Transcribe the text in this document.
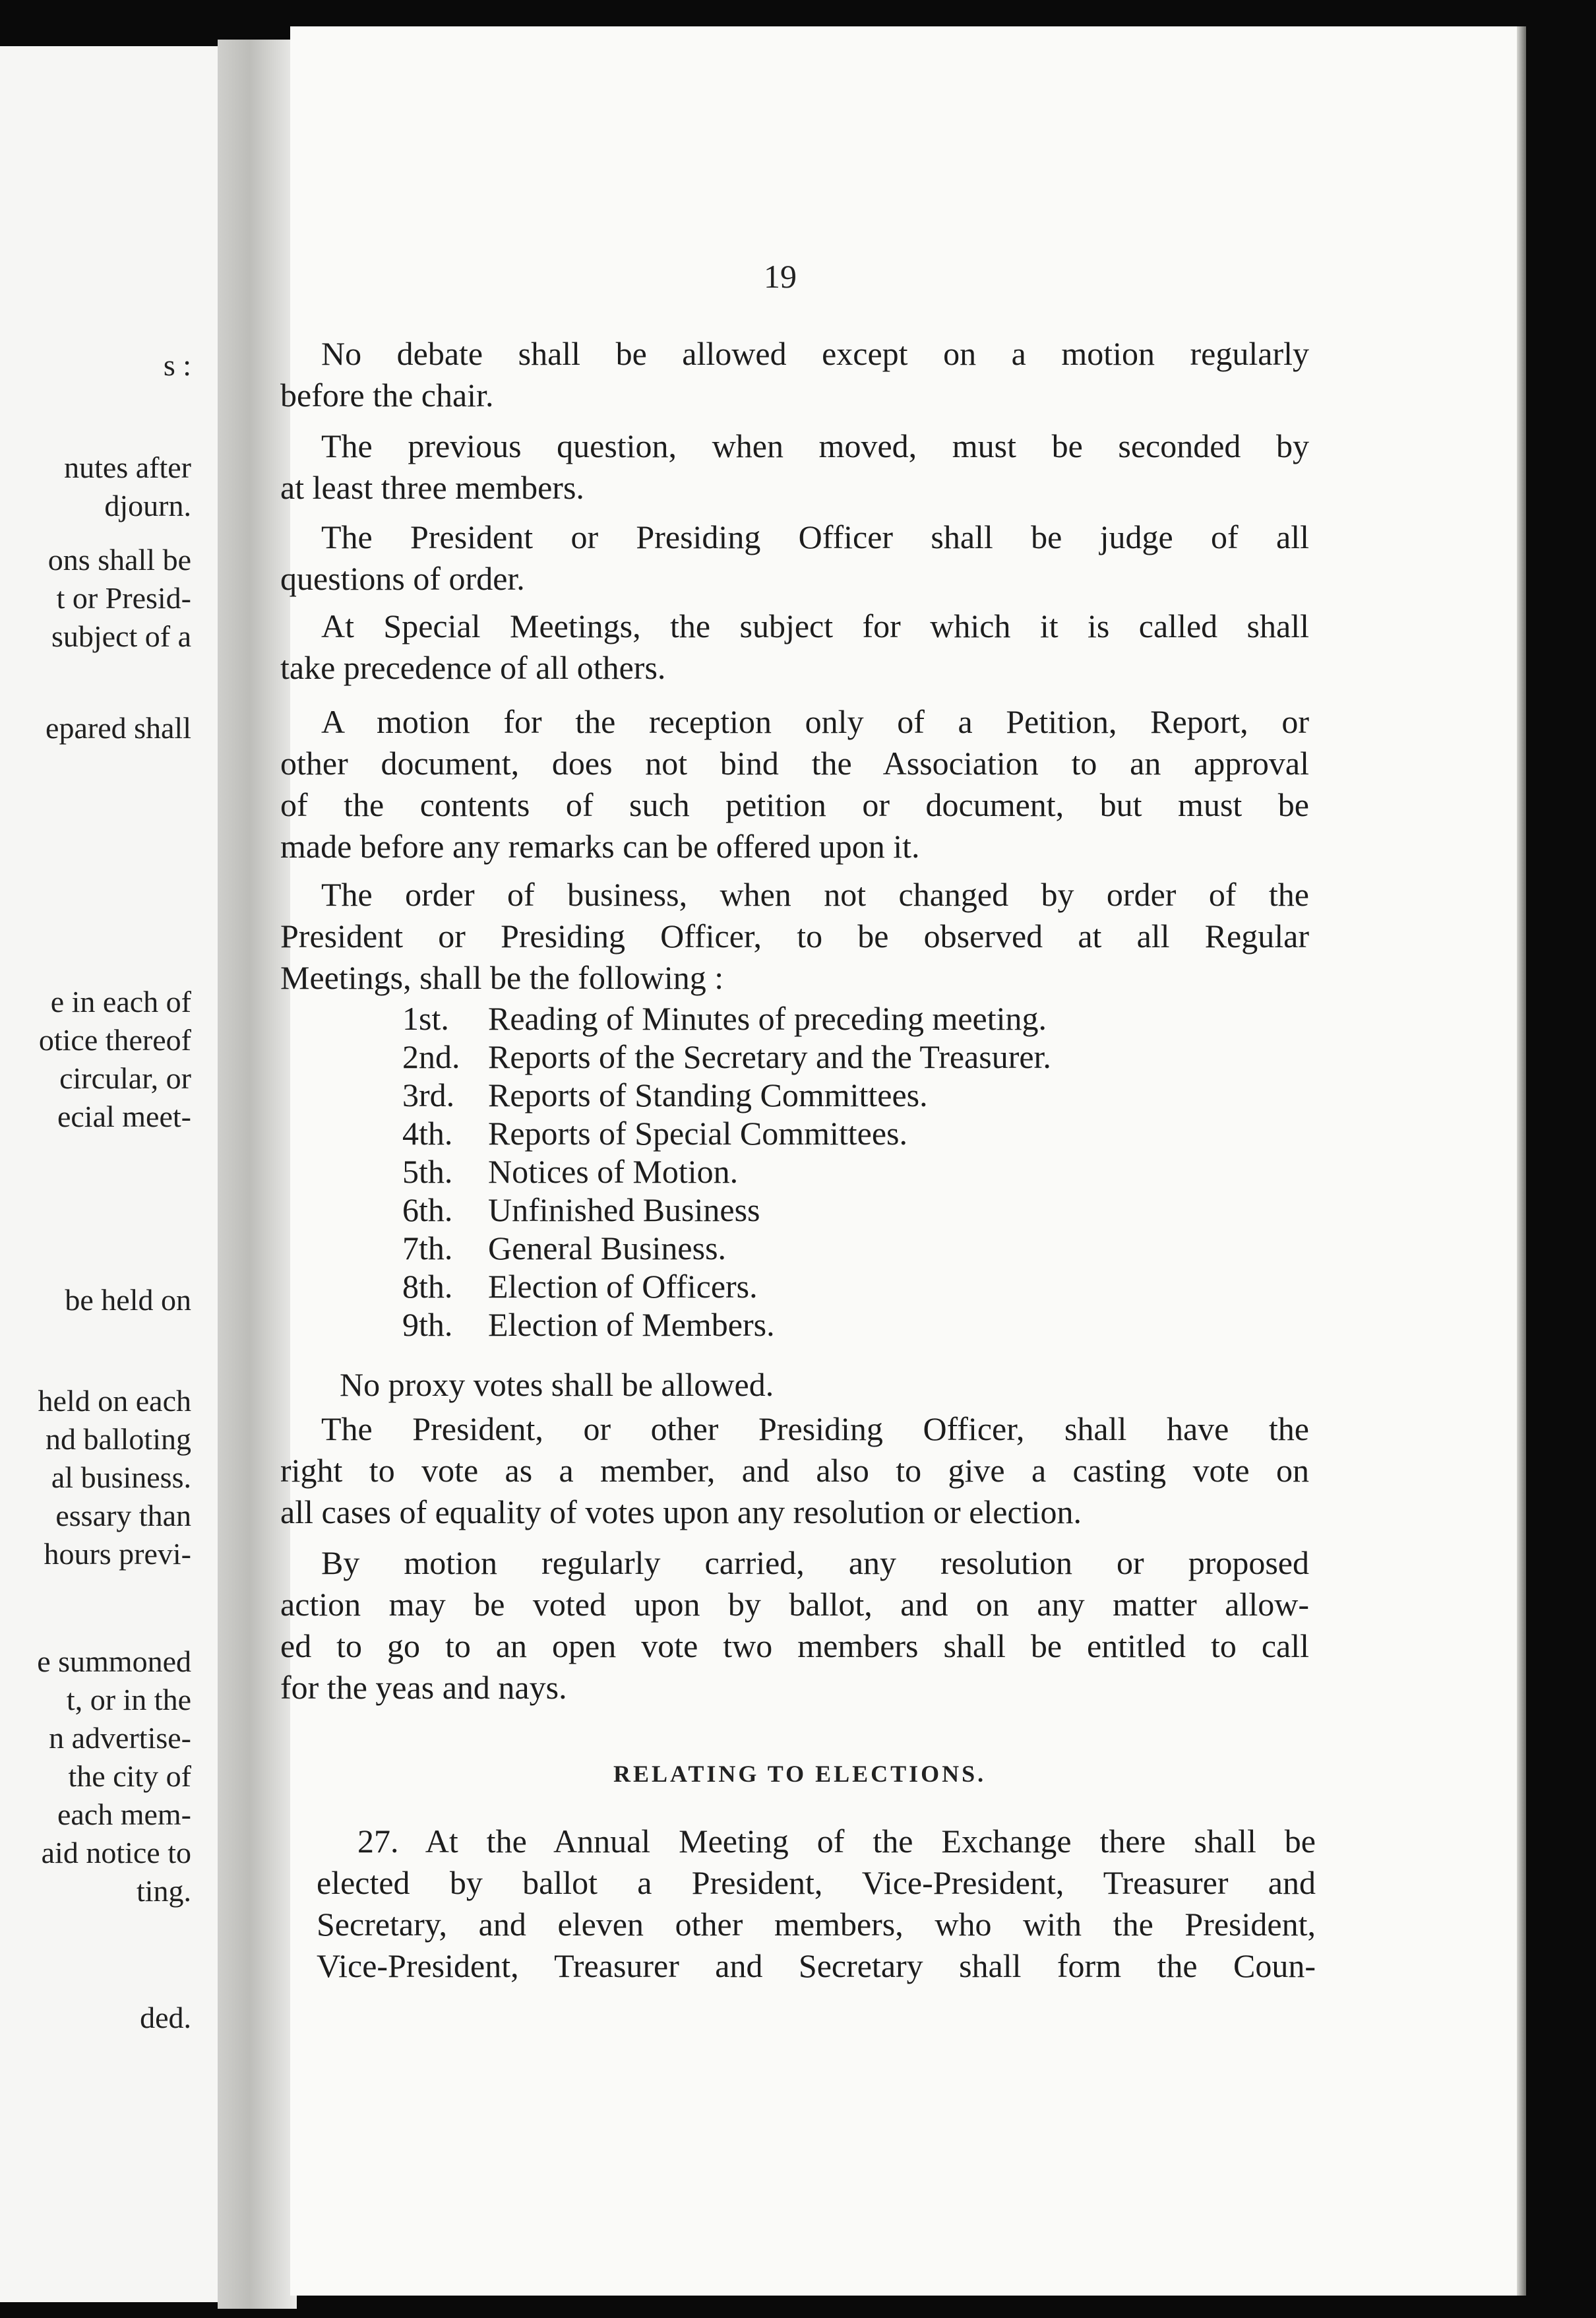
s :
nutes after
djourn.
ons shall be
t or Presid-
subject of a
epared shall
e in each of
otice thereof
circular, or
ecial meet-
be held on
held on each
nd balloting
al business.
essary than
hours previ-
e summoned
t, or in the
n advertise-
the city of
each mem-
aid notice to
ting.
ded.
19
No debate shall be allowed except on a motion regularly
before the chair.
The previous question, when moved, must be seconded by
at least three members.
The President or Presiding Officer shall be judge of all
questions of order.
At Special Meetings, the subject for which it is called shall
take precedence of all others.
A motion for the reception only of a Petition, Report, or
other document, does not bind the Association to an approval
of the contents of such petition or document, but must be
made before any remarks can be offered upon it.
The order of business, when not changed by order of the
President or Presiding Officer, to be observed at all Regular
Meetings, shall be the following :
1st. Reading of Minutes of preceding meeting.
2nd. Reports of the Secretary and the Treasurer.
3rd. Reports of Standing Committees.
4th. Reports of Special Committees.
5th. Notices of Motion.
6th. Unfinished Business
7th. General Business.
8th. Election of Officers.
9th. Election of Members.
No proxy votes shall be allowed.
The President, or other Presiding Officer, shall have the
right to vote as a member, and also to give a casting vote on
all cases of equality of votes upon any resolution or election.
By motion regularly carried, any resolution or proposed
action may be voted upon by ballot, and on any matter allow-
ed to go to an open vote two members shall be entitled to call
for the yeas and nays.
RELATING TO ELECTIONS.
27. At the Annual Meeting of the Exchange there shall be
elected by ballot a President, Vice-President, Treasurer and
Secretary, and eleven other members, who with the President,
Vice-President, Treasurer and Secretary shall form the Coun-
